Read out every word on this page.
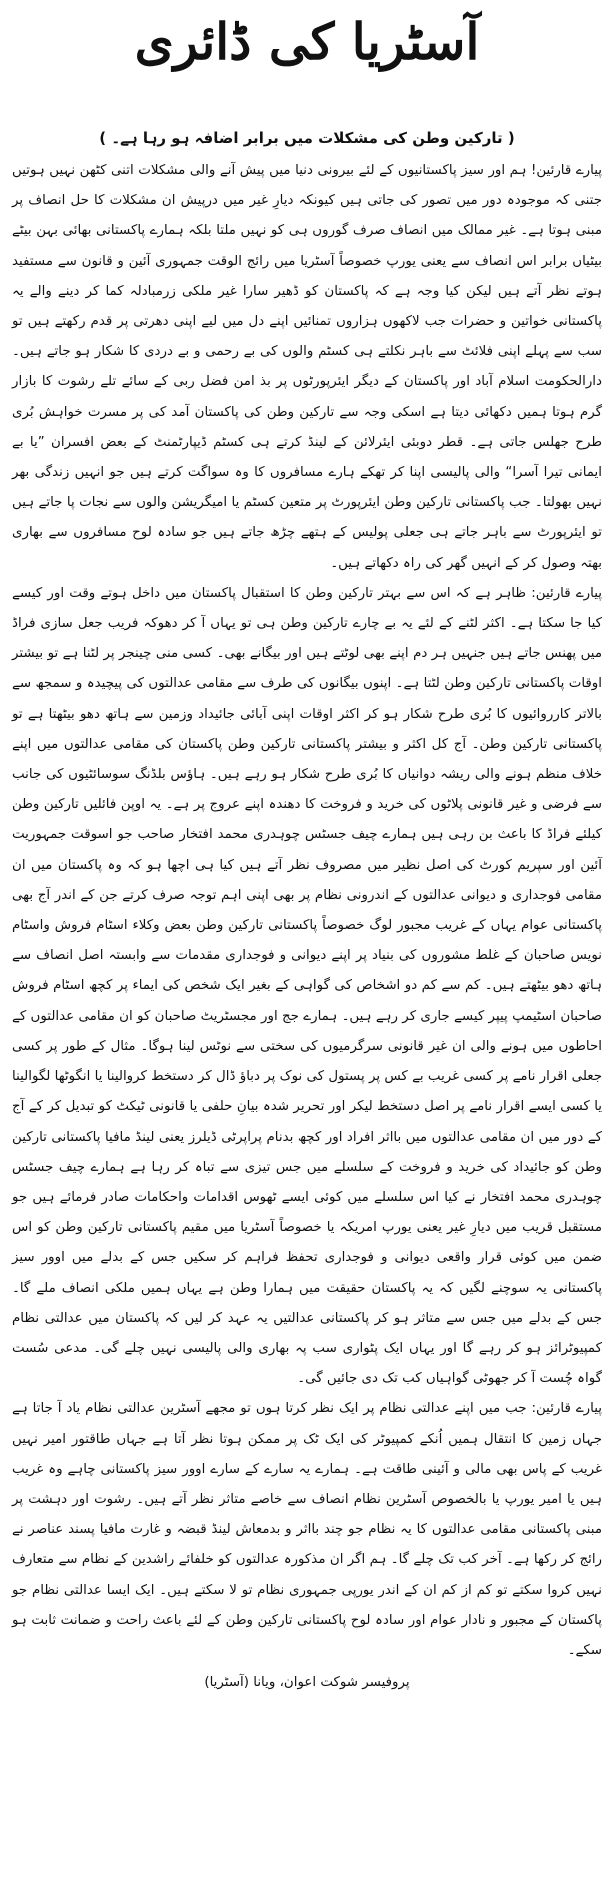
آسٹریا کی ڈائری
( تارکین وطن کی مشکلات میں برابر اضافہ ہو رہا ہے۔ )

پیارے قارئین! ہم اور سیز پاکستانیوں کے لئے بیرونی دنیا میں پیش آنے والی مشکلات اتنی کٹھن نہیں ہوتیں جتنی کہ موجودہ دور میں تصور کی جاتی ہیں کیونکہ دیارِ غیر میں درپیش ان مشکلات کا حل انصاف پر مبنی ہوتا ہے۔ غیر ممالک میں انصاف صرف گوروں ہی کو نہیں ملتا بلکہ ہمارے پاکستانی بھائی بہن بیٹے بیٹیاں برابر اس انصاف سے یعنی یورپ خصوصاً آسٹریا میں رائج الوقت جمہوری آئین و قانون سے مستفید ہوتے نظر آتے ہیں لیکن کیا وجہ ہے کہ پاکستان کو ڈھیر سارا غیر ملکی زرمبادلہ کما کر دینے والے یہ پاکستانی خواتین و حضرات جب لاکھوں ہزاروں تمنائیں اپنے دل میں لیے اپنی دھرتی پر قدم رکھتے ہیں تو سب سے پہلے اپنی فلائٹ سے باہر نکلتے ہی کسٹم والوں کی بے رحمی و بے دردی کا شکار ہو جاتے ہیں۔ دارالحکومت اسلام آباد اور پاکستان کے دیگر ایئرپورٹوں پر بذ امن فضل ربی کے سائے تلے رشوت کا بازار گرم ہوتا ہمیں دکھائی دیتا ہے اسکی وجہ سے تارکین وطن کی پاکستان آمد کی پر مسرت خواہش بُری طرح جھلس جاتی ہے۔ قطر دوبئی ایئرلائن کے لینڈ کرتے ہی کسٹم ڈیپارٹمنٹ کے بعض افسران ”یا بے ایمانی تیرا آسرا“ والی پالیسی اپنا کر تھکے ہارے مسافروں کا وہ سواگت کرتے ہیں جو انہیں زندگی بھر نہیں بھولتا۔ جب پاکستانی تارکین وطن ایئرپورٹ پر متعین کسٹم یا امیگریشن والوں سے نجات پا جاتے ہیں تو ایئرپورٹ سے باہر جاتے ہی جعلی پولیس کے ہتھے چڑھ جاتے ہیں جو سادہ لوح مسافروں سے بھاری بھتہ وصول کر کے انہیں گھر کی راہ دکھاتے ہیں۔

پیارے قارئین: ظاہر ہے کہ اس سے بہتر تارکین وطن کا استقبال پاکستان میں داخل ہوتے وقت اور کیسے کیا جا سکتا ہے۔ اکثر لٹنے کے لئے یہ بے چارے تارکین وطن ہی تو یہاں آ کر دھوکہ فریب جعل سازی فراڈ میں پھنس جاتے ہیں جنہیں ہر دم اپنے بھی لوٹتے ہیں اور بیگانے بھی۔ کسی منی چینجر پر لٹنا ہے تو بیشتر اوقات پاکستانی تارکین وطن لٹتا ہے۔ اپنوں بیگانوں کی طرف سے مقامی عدالتوں کی پیچیدہ و سمجھ سے بالاتر کارروائیوں کا بُری طرح شکار ہو کر اکثر اوقات اپنی آبائی جائیداد وزمین سے ہاتھ دھو بیٹھتا ہے تو پاکستانی تارکین وطن۔ آج کل اکثر و بیشتر پاکستانی تارکین وطن پاکستان کی مقامی عدالتوں میں اپنے خلاف منظم ہونے والی ریشہ دوانیاں کا بُری طرح شکار ہو رہے ہیں۔ ہاؤس بلڈنگ سوسائٹیوں کی جانب سے فرضی و غیر قانونی پلاٹوں کی خرید و فروخت کا دھندہ اپنے عروج پر ہے۔ یہ اوپن فائلیں تارکین وطن کیلئے فراڈ کا باعث بن رہی ہیں ہمارے چیف جسٹس چوہدری محمد افتخار صاحب جو اسوقت جمہوریت آئین اور سپریم کورٹ کی اصل نظیر میں مصروف نظر آتے ہیں کیا ہی اچھا ہو کہ وہ پاکستان میں ان مقامی فوجداری و دیوانی عدالتوں کے اندرونی نظام پر بھی اپنی اہم توجہ صرف کرتے جن کے اندر آج بھی پاکستانی عوام یہاں کے غریب مجبور لوگ خصوصاً پاکستانی تارکین وطن بعض وکلاء اسٹام فروش واسٹام نویس صاحبان کے غلط مشوروں کی بنیاد پر اپنے دیوانی و فوجداری مقدمات سے وابستہ اصل انصاف سے ہاتھ دھو بیٹھتے ہیں۔ کم سے کم دو اشخاص کی گواہی کے بغیر ایک شخص کی ایماء پر کچھ اسٹام فروش صاحبان اسٹیمپ پیپر کیسے جاری کر رہے ہیں۔ ہمارے جج اور مجسٹریٹ صاحبان کو ان مقامی عدالتوں کے احاطوں میں ہونے والی ان غیر قانونی سرگرمیوں کی سختی سے نوٹس لینا ہوگا۔ مثال کے طور پر کسی جعلی اقرار نامے پر کسی غریب بے کس پر پستول کی نوک پر دباؤ ڈال کر دستخط کروالینا یا انگوٹھا لگوالینا یا کسی ایسے اقرار نامے پر اصل دستخط لیکر اور تحریر شدہ بیانِ حلفی یا قانونی ٹیکٹ کو تبدیل کر کے آج کے دور میں ان مقامی عدالتوں میں بااثر افراد اور کچھ بدنام پراپرٹی ڈیلرز یعنی لینڈ مافیا پاکستانی تارکین وطن کو جائیداد کی خرید و فروخت کے سلسلے میں جس تیزی سے تباہ کر رہا ہے ہمارے چیف جسٹس چوہدری محمد افتخار نے کیا اس سلسلے میں کوئی ایسے ٹھوس اقدامات واحکامات صادر فرمائے ہیں جو مستقبل قریب میں دیارِ غیر یعنی یورپ امریکہ یا خصوصاً آسٹریا میں مقیم پاکستانی تارکین وطن کو اس ضمن میں کوئی قرار واقعی دیوانی و فوجداری تحفظ فراہم کر سکیں جس کے بدلے میں اوور سیز پاکستانی یہ سوچنے لگیں کہ یہ پاکستان حقیقت میں ہمارا وطن ہے یہاں ہمیں ملکی انصاف ملے گا۔ جس کے بدلے میں جس سے متاثر ہو کر پاکستانی عدالتیں یہ عہد کر لیں کہ پاکستان میں عدالتی نظام کمپیوٹرائز ہو کر رہے گا اور یہاں ایک پٹواری سب پہ بھاری والی پالیسی نہیں چلے گی۔ مدعی سُست گواہ چُست آ کر جھوٹی گواہیاں کب تک دی جائیں گی۔

پیارے قارئین: جب میں اپنے عدالتی نظام پر ایک نظر کرتا ہوں تو مجھے آسٹرین عدالتی نظام یاد آ جاتا ہے جہاں زمین کا انتقال ہمیں اُنکے کمپیوٹر کی ایک ٹک پر ممکن ہوتا نظر آتا ہے جہاں طاقتور امیر نہیں غریب کے پاس بھی مالی و آئینی طاقت ہے۔ ہمارے یہ سارے کے سارے اوور سیز پاکستانی چاہے وہ غریب ہیں یا امیر یورپ یا بالخصوص آسٹرین نظام انصاف سے خاصے متاثر نظر آتے ہیں۔ رشوت اور دہشت پر مبنی پاکستانی مقامی عدالتوں کا یہ نظام جو چند بااثر و بدمعاش لینڈ قبضہ و غارت مافیا پسند عناصر نے رائج کر رکھا ہے۔ آخر کب تک چلے گا۔ ہم اگر ان مذکورہ عدالتوں کو خلفائے راشدین کے نظام سے متعارف نہیں کروا سکتے تو کم از کم ان کے اندر یورپی جمہوری نظام تو لا سکتے ہیں۔ ایک ایسا عدالتی نظام جو پاکستان کے مجبور و نادار عوام اور سادہ لوح پاکستانی تارکین وطن کے لئے باعث راحت و ضمانت ثابت ہو سکے۔

پروفیسر شوکت اعوان، ویانا (آسٹریا)
